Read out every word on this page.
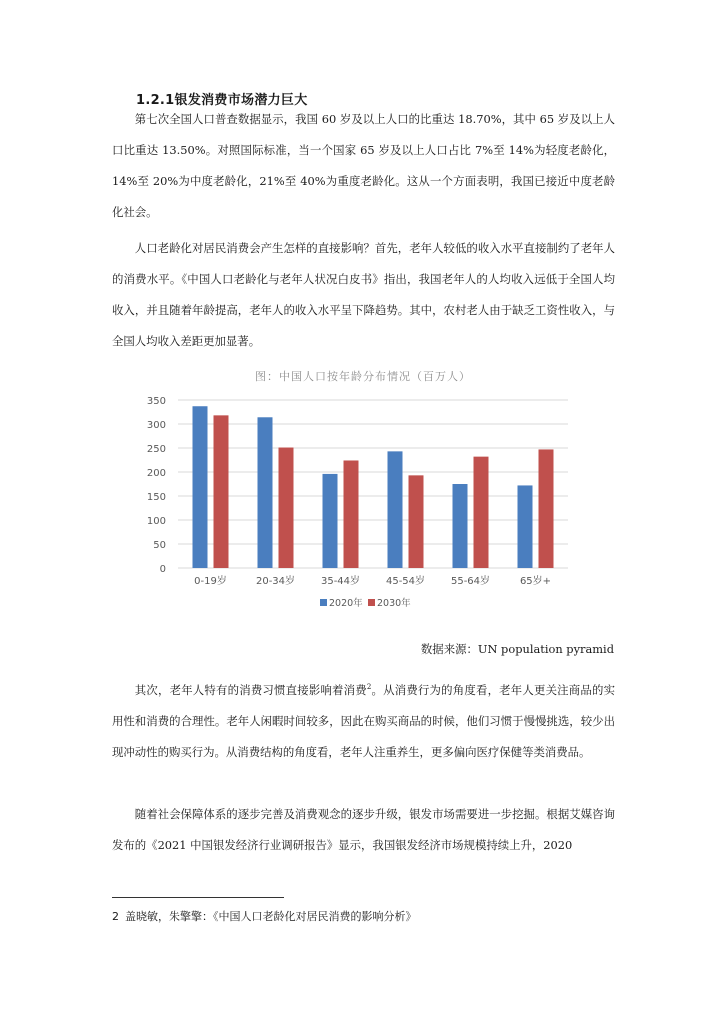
1.2.1银发消费市场潜力巨大

第七次全国人口普查数据显示，我国 60 岁及以上人口的比重达 18.70%，其中 65 岁及以上人口比重达 13.50%。对照国际标准，当一个国家 65 岁及以上人口占比 7%至 14%为轻度老龄化，14%至 20%为中度老龄化，21%至 40%为重度老龄化。这从一个方面表明，我国已接近中度老龄化社会。

人口老龄化对居民消费会产生怎样的直接影响？首先，老年人较低的收入水平直接制约了老年人的消费水平。《中国人口老龄化与老年人状况白皮书》指出，我国老年人的人均收入远低于全国人均收入，并且随着年龄提高，老年人的收入水平呈下降趋势。其中，农村老人由于缺乏工资性收入，与全国人均收入差距更加显著。

图：中国人口按年龄分布情况（百万人）
0
50
100
150
200
250
300
350
0-19岁	20-34岁	35-44岁	45-54岁	55-64岁	65岁+
2020年 2030年
数据来源：UN population pyramid

其次，老年人特有的消费习惯直接影响着消费$^2$。从消费行为的角度看，老年人更关注商品的实用性和消费的合理性。老年人闲暇时间较多，因此在购买商品的时候，他们习惯于慢慢挑选，较少出现冲动性的购买行为。从消费结构的角度看，老年人注重养生，更多偏向医疗保健等类消费品。

随着社会保障体系的逐步完善及消费观念的逐步升级，银发市场需要进一步挖掘。根据艾媒咨询发布的《2021 中国银发经济行业调研报告》显示，我国银发经济市场规模持续上升，2020

2 盖晓敏，朱擎擎：《中国人口老龄化对居民消费的影响分析》
